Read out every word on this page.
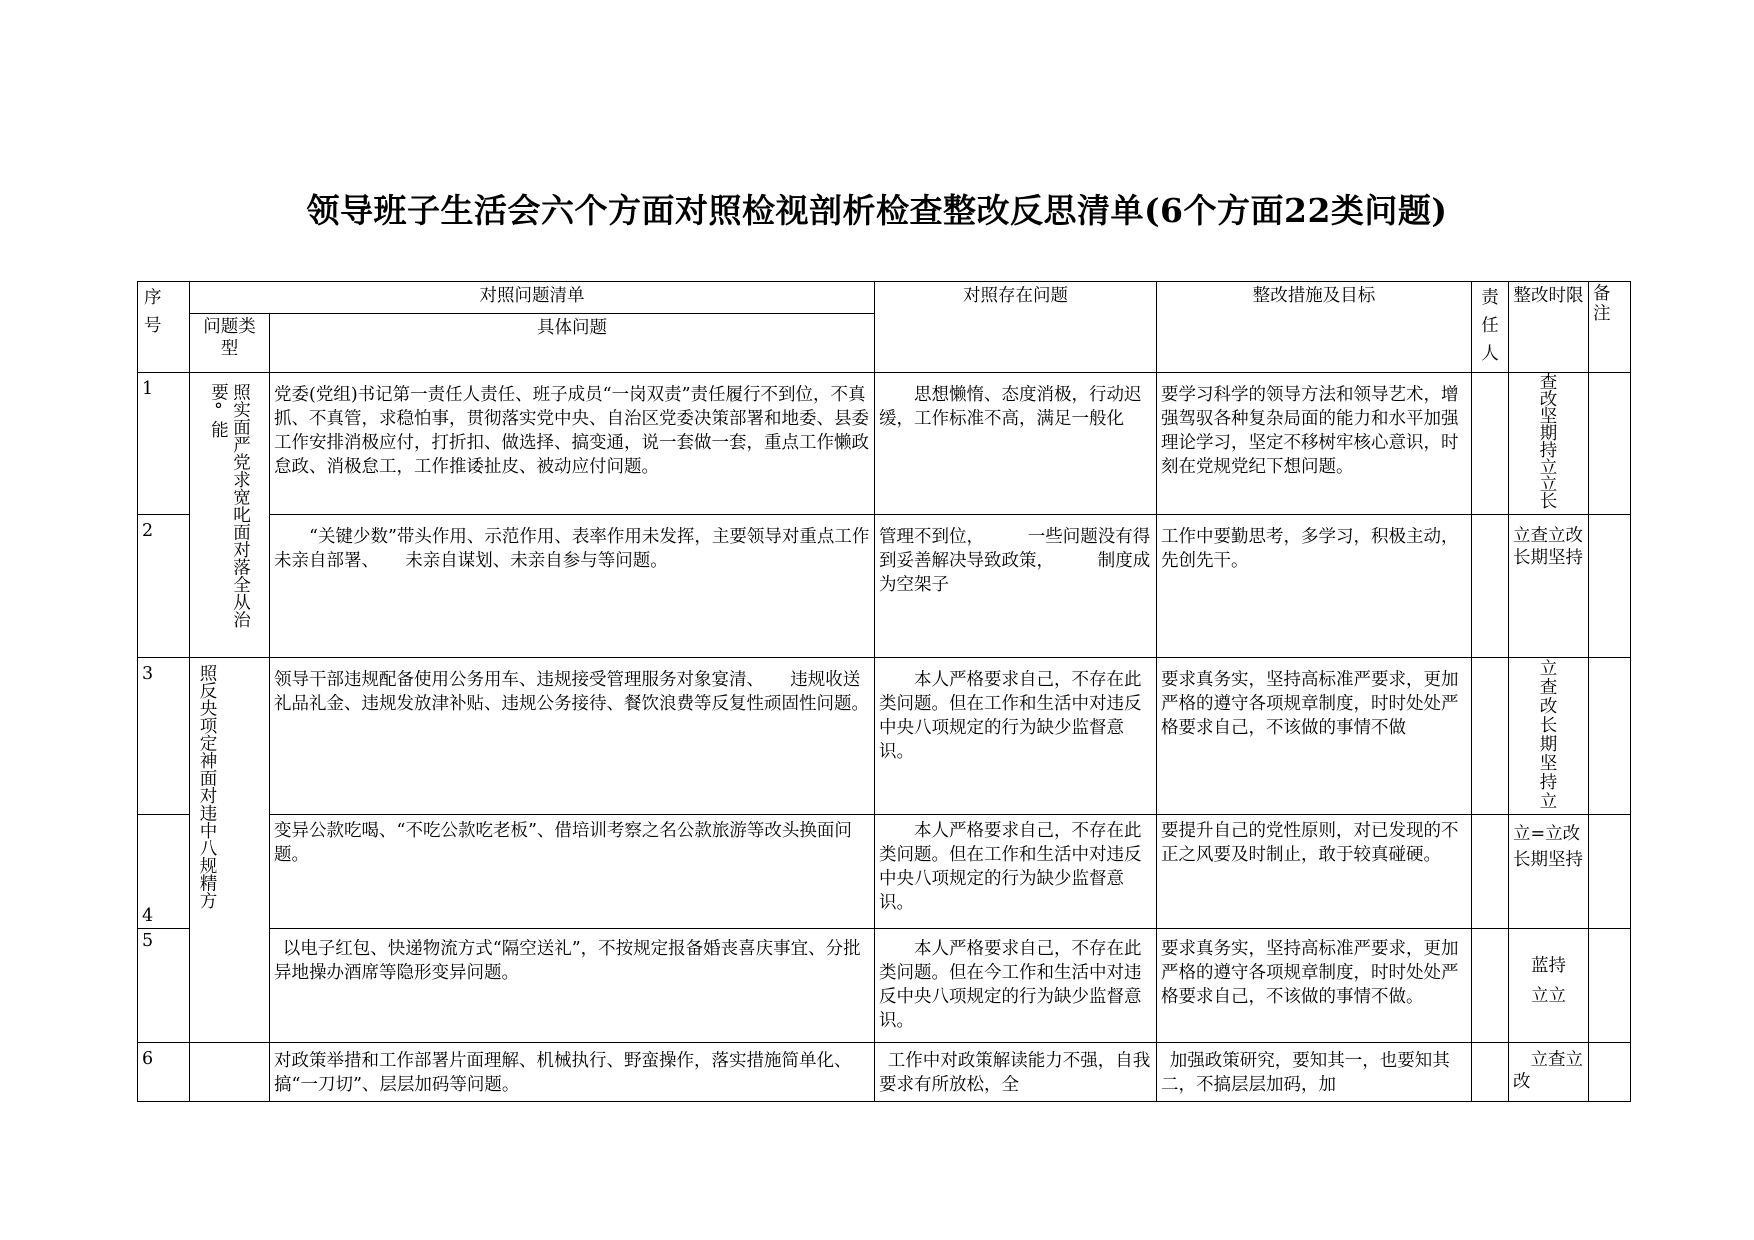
领导班子生活会六个方面对照检视剖析检查整改反思清单(6个方面22类问题)
序号	对照问题清单		对照存在问题	整改措施及目标	责任人	整改时限	备注

	问题类型	具体问题					
1	照实面严党求宽叱面对落全从治要°能	党委(党组)书记第一责任人责任、班子成员“一岗双责”责任履行不到位，不真抓、不真管，求稳怕事，贯彻落实党中央、自治区党委决策部署和地委、县委工作安排消极应付，打折扣、做选择、搞变通，说一套做一套，重点工作懒政怠政、消极怠工，工作推诿扯皮、被动应付问题。	思想懒惰、态度消极，行动迟缓，工作标准不高，满足一般化	要学习科学的领导方法和领导艺术，增强驾驭各种复杂局面的能力和水平加强理论学习，坚定不移树牢核心意识，时刻在党规党纪下想问题。		查改坚期持立立长	

2		“关键少数”带头作用、示范作用、表率作用未发挥，主要领导对重点工作未亲自部署、　　未亲自谋划、未亲自参与等问题。	管理不到位，　　　一些问题没有得 到妥善解决导致政策，　　　制度成 为空架子	工作中要勤思考，多学习，积极主动，先创先干。		立查立改长期坚持	
3	照反央项定神面对违中八规精方	领导干部违规配备使用公务用车、违规接受管理服务对象宴清、　　违规收送礼品礼金、违规发放津补贴、违规公务接待、餐饮浪费等反复性顽固性问题。	本人严格要求自己，不存在此类问题。但在工作和生活中对违反中央八项规定的行为缺少监督意识。	要求真务实，坚持高标准严要求，更加严格的遵守各项规章制度，时时处处严格要求自己，不该做的事情不做		立查改长期坚持立	

4		变异公款吃喝、“不吃公款吃老板”、借培训考察之名公款旅游等改头换面问题。	本人严格要求自己，不存在此类问题。但在工作和生活中对违反中央八项规定的行为缺少监督意识。	要提升自己的党性原则，对已发现的不正之风要及时制止，敢于较真碰硬。		立=立改长期坚持	
5		以电子红包、快递物流方式“隔空送礼”，不按规定报备婚丧喜庆事宜、分批异地操办酒席等隐形变异问题。	本人严格要求自己，不存在此类问题。但在今工作和生活中对违反中央八项规定的行为缺少监督意识。	要求真务实，坚持高标准严要求，更加严格的遵守各项规章制度，时时处处严格要求自己，不该做的事情不做。		蓝持立立	

6		对政策举措和工作部署片面理解、机械执行、野蛮操作，落实措施简单化、搞“一刀切”、层层加码等问题。	工作中对政策解读能力不强，自我要求有所放松，全	加强政策研究，要知其一，也要知其二，不搞层层加码，加		立查立改	
